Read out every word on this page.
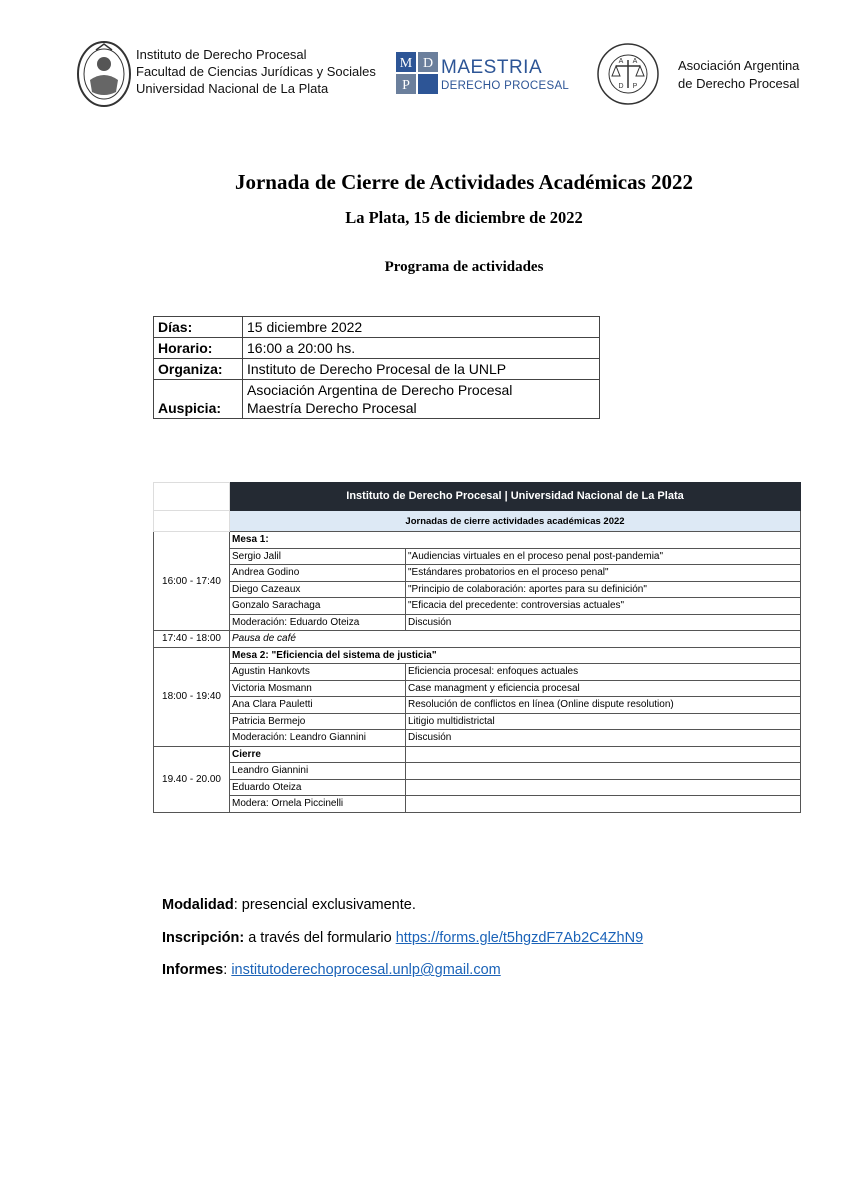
Instituto de Derecho Procesal
Facultad de Ciencias Jurídicas y Sociales
Universidad Nacional de La Plata
M D
P
MAESTRIA
DERECHO PROCESAL
A A
D P
Asociación Argentina
de Derecho Procesal
Jornada de Cierre de Actividades Académicas 2022
La Plata, 15 de diciembre de 2022
Programa de actividades
Días:	15 diciembre 2022
Horario:	16:00 a 20:00 hs.
Organiza:	Instituto de Derecho Procesal de la UNLP
Auspicia:	Asociación Argentina de Derecho Procesal
Maestría Derecho Procesal
	Instituto de Derecho Procesal | Universidad Nacional de La Plata	
	Jornadas de cierre actividades académicas 2022	
16:00 - 17:40	Mesa 1:	
	Sergio Jalil	"Audiencias virtuales en el proceso penal post-pandemia"
	Andrea Godino	"Estándares probatorios en el proceso penal"
	Diego Cazeaux	"Principio de colaboración: aportes para su definición"
	Gonzalo Sarachaga	"Eficacia del precedente: controversias actuales"
	Moderación: Eduardo Oteiza	Discusión
17:40 - 18:00	Pausa de café	
18:00 - 19:40	Mesa 2: "Eficiencia del sistema de justicia"	
	Agustin Hankovts	Eficiencia procesal: enfoques actuales
	Victoria Mosmann	Case managment y eficiencia procesal
	Ana Clara Pauletti	Resolución de conflictos en línea (Online dispute resolution)
	Patricia Bermejo	Litigio multidistrictal
	Moderación: Leandro Giannini	Discusión
19.40 - 20.00	Cierre	
	Leandro Giannini	
	Eduardo Oteiza	
	Modera: Ornela Piccinelli	
Modalidad: presencial exclusivamente.
Inscripción: a través del formulario https://forms.gle/t5hgzdF7Ab2C4ZhN9
Informes: institutoderechoprocesal.unlp@gmail.com
